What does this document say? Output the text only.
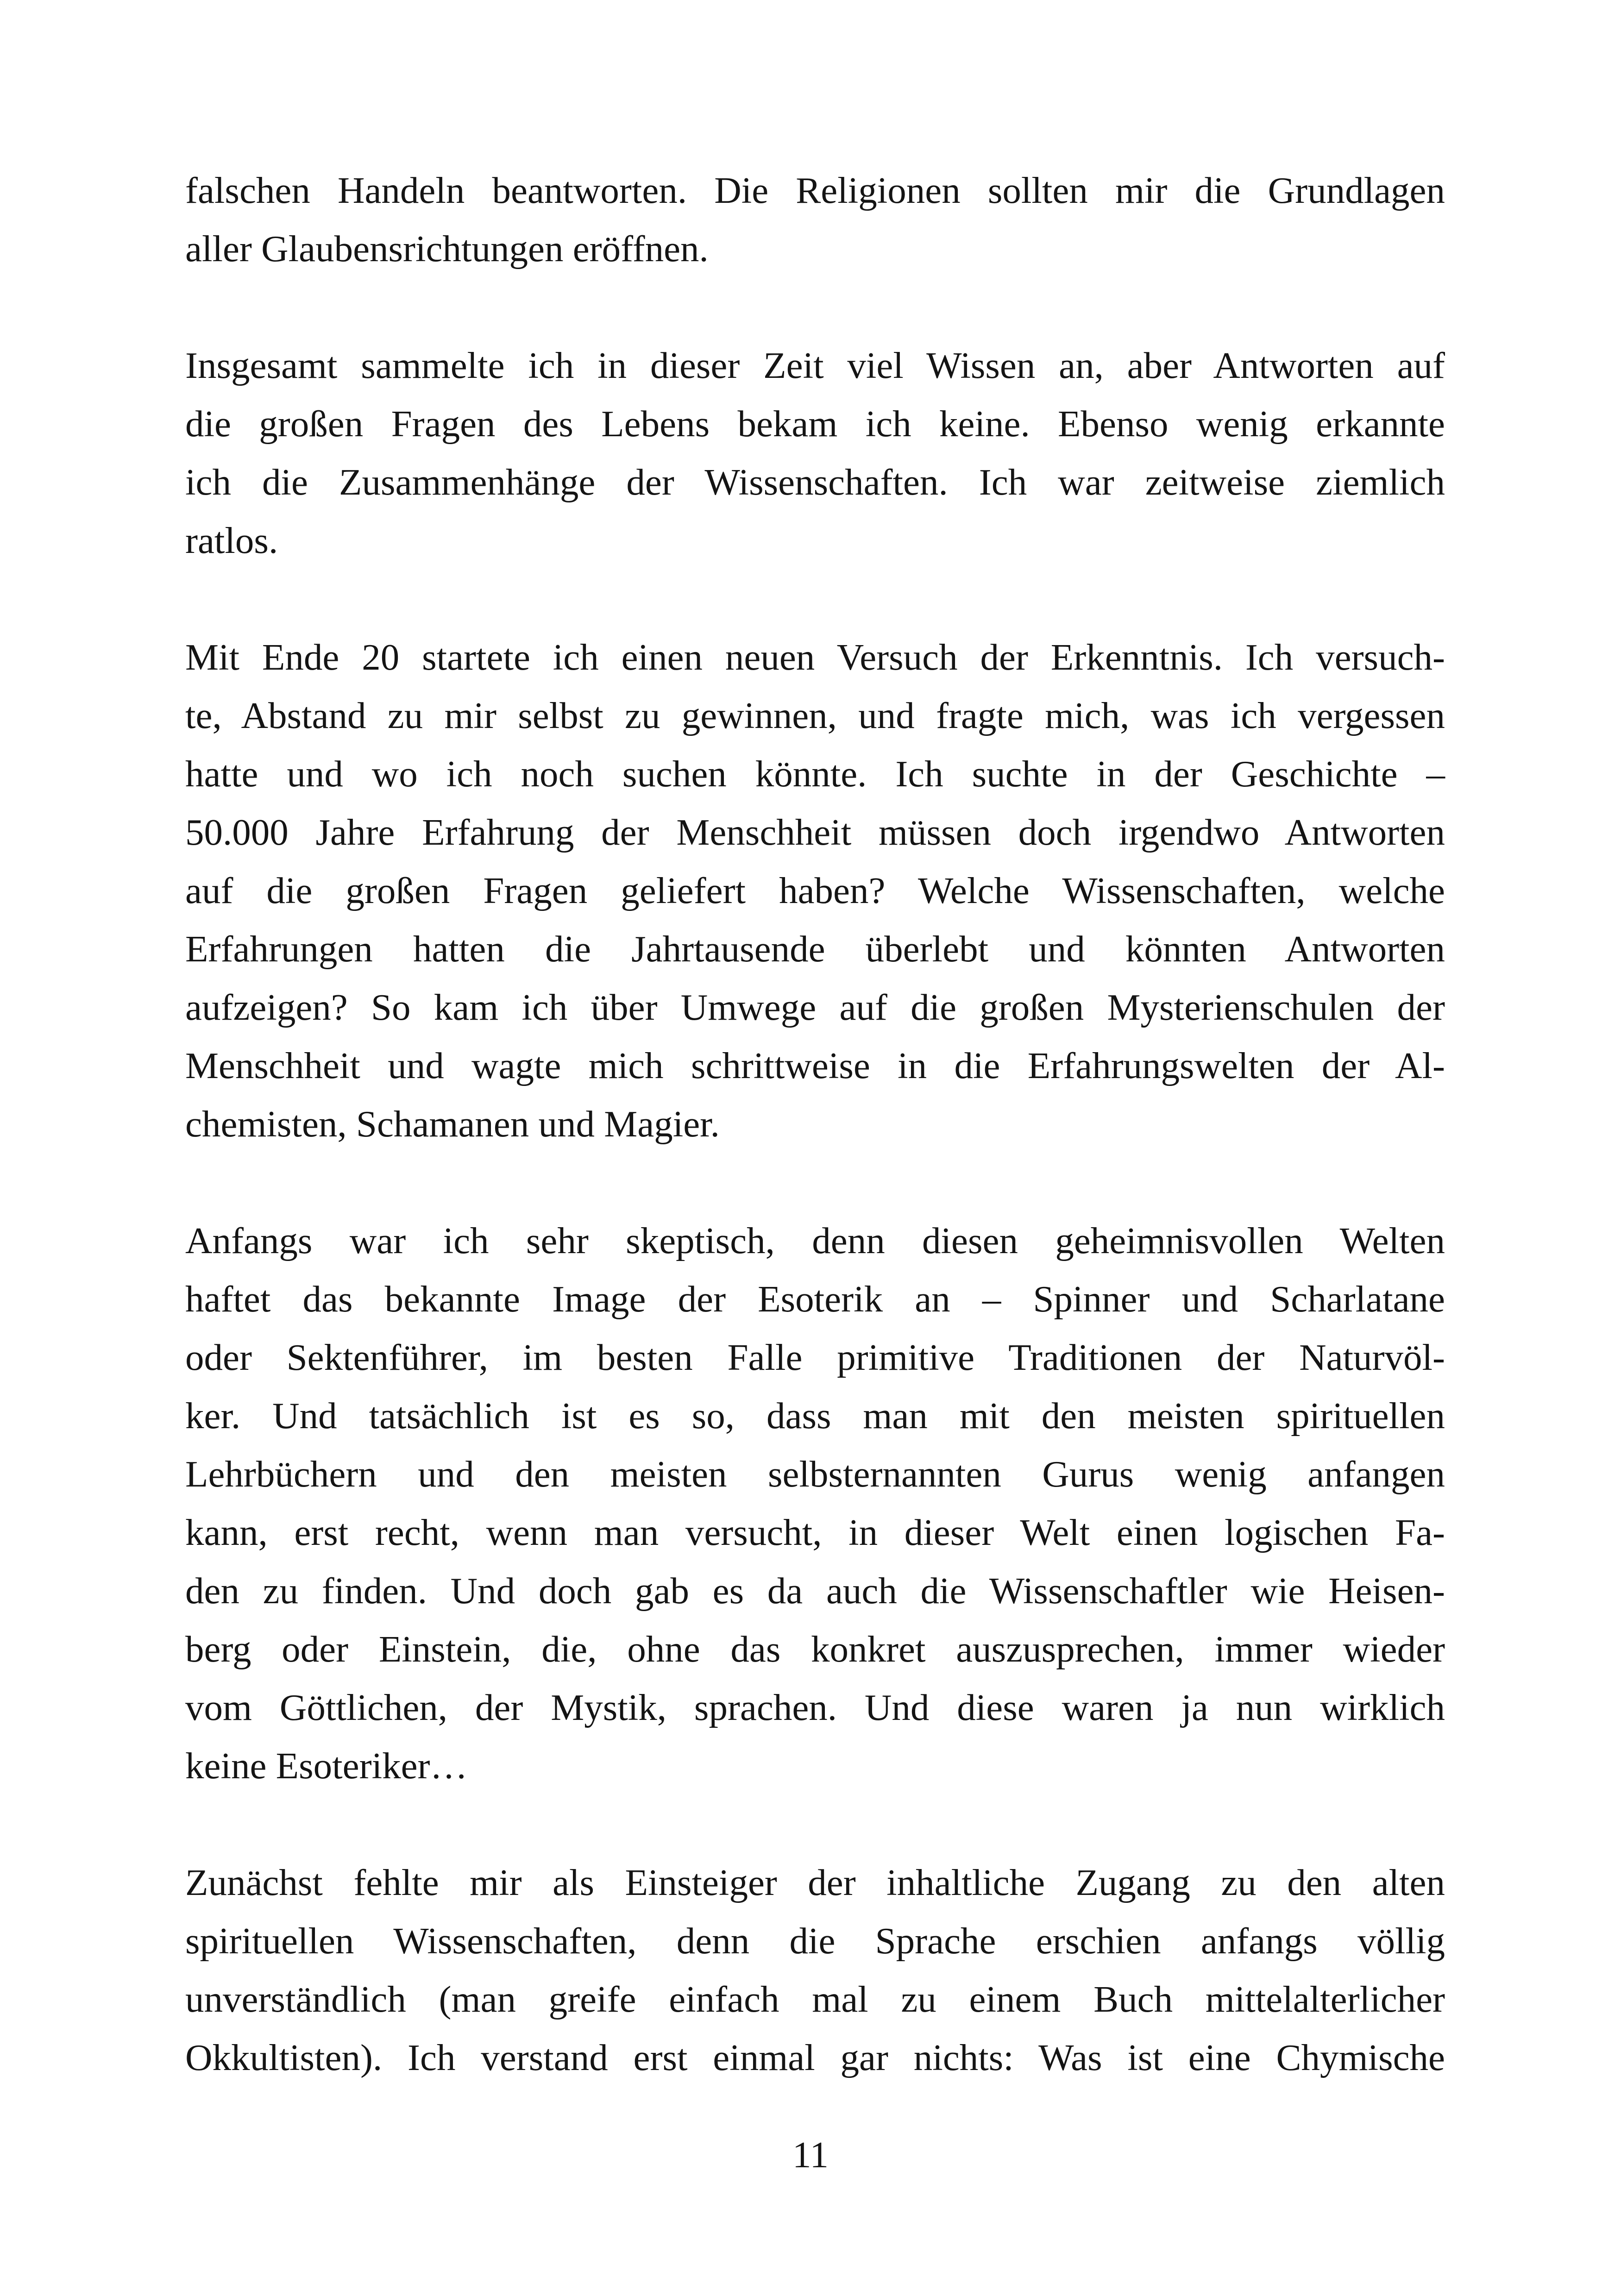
falschen Handeln beantworten. Die Religionen sollten mir die Grundlagen
aller Glaubensrichtungen eröffnen.
Insgesamt sammelte ich in dieser Zeit viel Wissen an, aber Antworten auf
die großen Fragen des Lebens bekam ich keine. Ebenso wenig erkannte
ich die Zusammenhänge der Wissenschaften. Ich war zeitweise ziemlich
ratlos.
Mit Ende 20 startete ich einen neuen Versuch der Erkenntnis. Ich versuch-
te, Abstand zu mir selbst zu gewinnen, und fragte mich, was ich vergessen
hatte und wo ich noch suchen könnte. Ich suchte in der Geschichte –
50.000 Jahre Erfahrung der Menschheit müssen doch irgendwo Antworten
auf die großen Fragen geliefert haben? Welche Wissenschaften, welche
Erfahrungen hatten die Jahrtausende überlebt und könnten Antworten
aufzeigen? So kam ich über Umwege auf die großen Mysterienschulen der
Menschheit und wagte mich schrittweise in die Erfahrungswelten der Al-
chemisten, Schamanen und Magier.
Anfangs war ich sehr skeptisch, denn diesen geheimnisvollen Welten
haftet das bekannte Image der Esoterik an – Spinner und Scharlatane
oder Sektenführer, im besten Falle primitive Traditionen der Naturvöl-
ker. Und tatsächlich ist es so, dass man mit den meisten spirituellen
Lehrbüchern und den meisten selbsternannten Gurus wenig anfangen
kann, erst recht, wenn man versucht, in dieser Welt einen logischen Fa-
den zu finden. Und doch gab es da auch die Wissenschaftler wie Heisen-
berg oder Einstein, die, ohne das konkret auszusprechen, immer wieder
vom Göttlichen, der Mystik, sprachen. Und diese waren ja nun wirklich
keine Esoteriker…
Zunächst fehlte mir als Einsteiger der inhaltliche Zugang zu den alten
spirituellen Wissenschaften, denn die Sprache erschien anfangs völlig
unverständlich (man greife einfach mal zu einem Buch mittelalterlicher
Okkultisten). Ich verstand erst einmal gar nichts: Was ist eine Chymische
11
